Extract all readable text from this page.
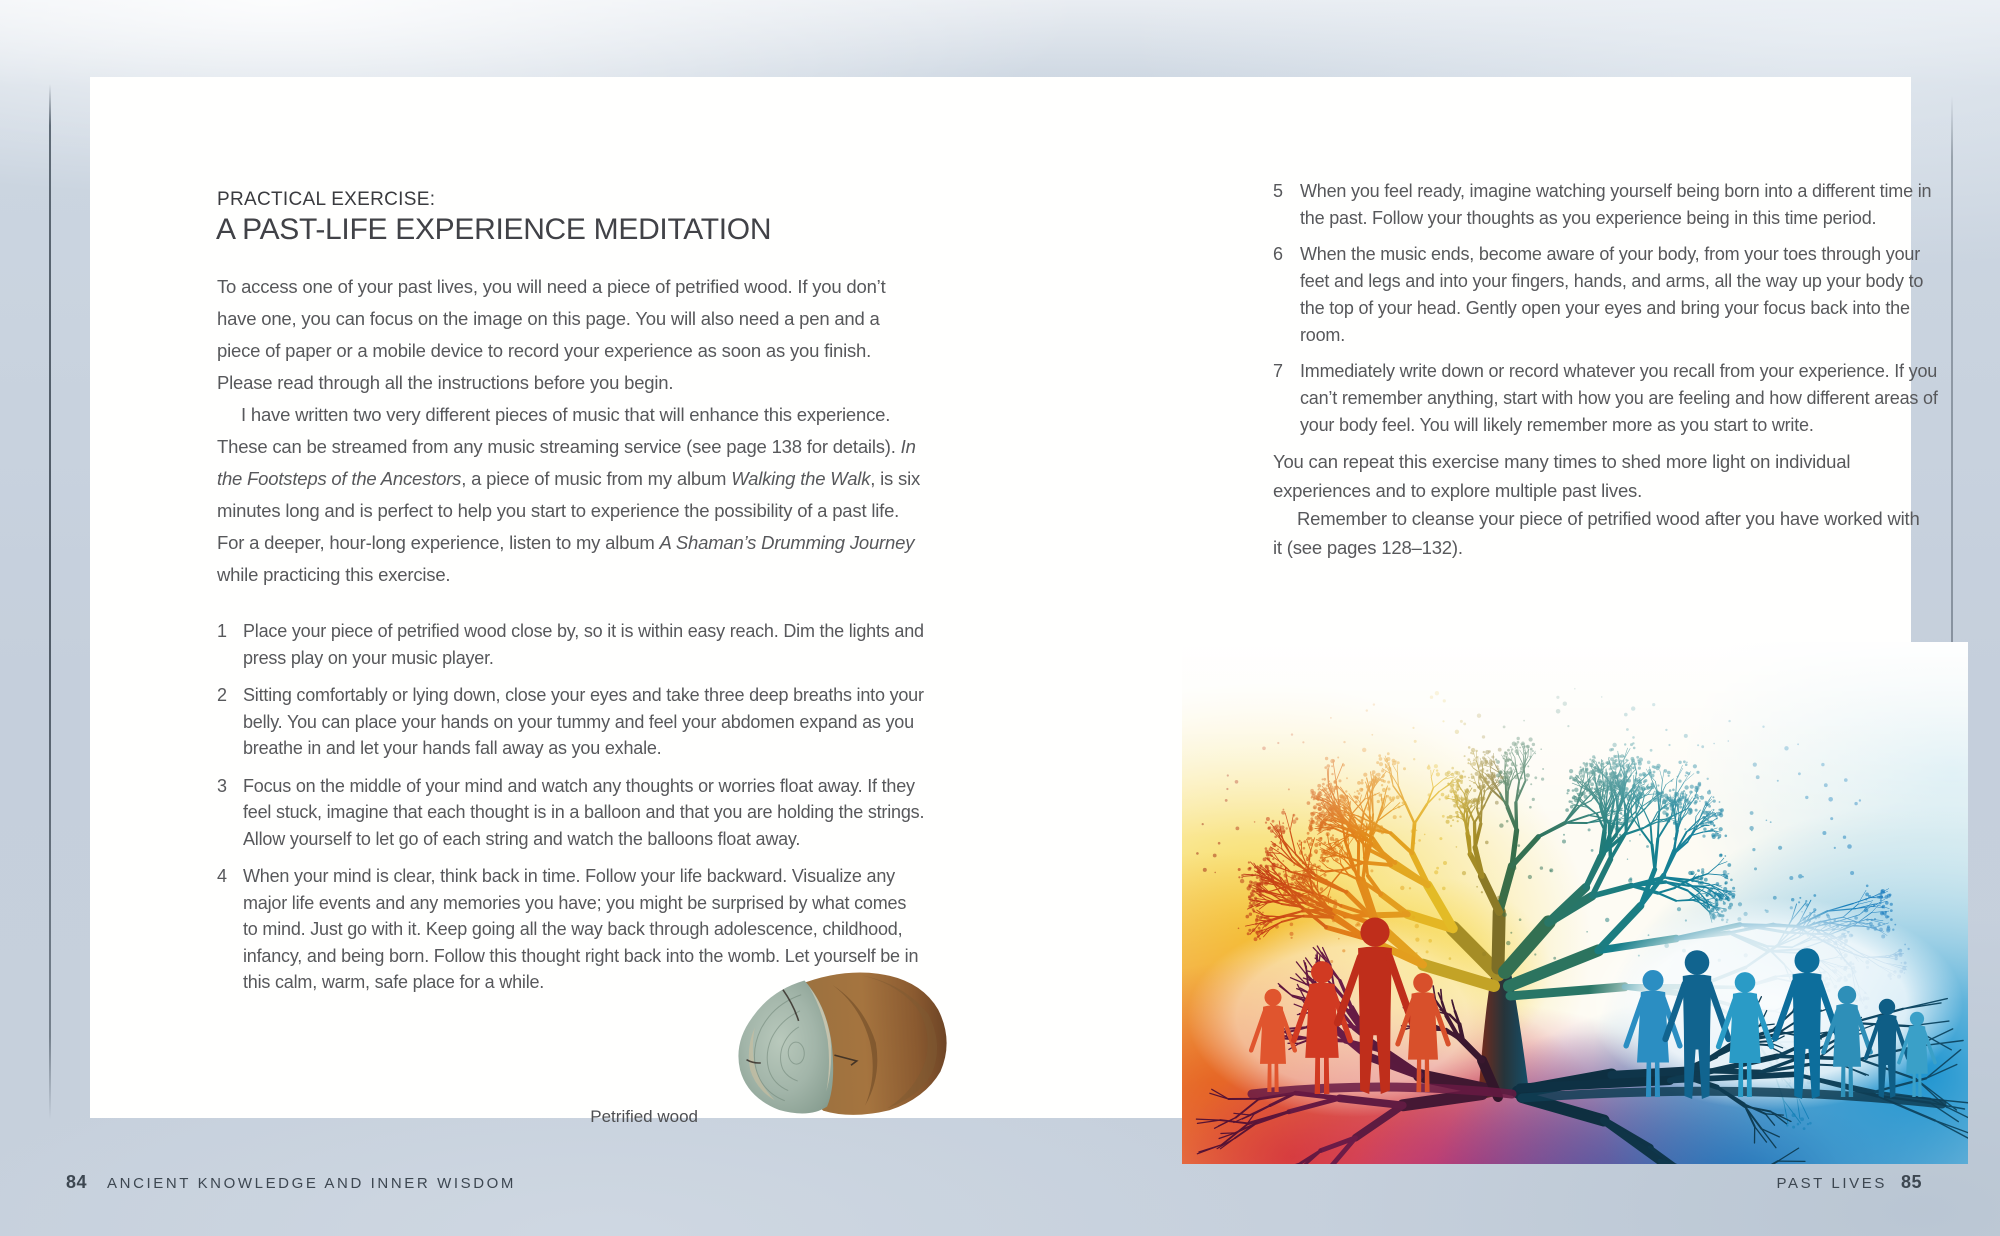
PRACTICAL EXERCISE:
A PAST-LIFE EXPERIENCE MEDITATION

To access one of your past lives, you will need a piece of petrified wood. If you don’t have one, you can focus on the image on this page. You will also need a pen and a piece of paper or a mobile device to record your experience as soon as you finish. Please read through all the instructions before you begin.

I have written two very different pieces of music that will enhance this experience. These can be streamed from any music streaming service (see page 138 for details). In the Footsteps of the Ancestors, a piece of music from my album Walking the Walk, is six minutes long and is perfect to help you start to experience the possibility of a past life. For a deeper, hour-long experience, listen to my album A Shaman’s Drumming Journey while practicing this exercise.

1 Place your piece of petrified wood close by, so it is within easy reach. Dim the lights and press play on your music player.
2 Sitting comfortably or lying down, close your eyes and take three deep breaths into your belly. You can place your hands on your tummy and feel your abdomen expand as you breathe in and let your hands fall away as you exhale.
3 Focus on the middle of your mind and watch any thoughts or worries float away. If they feel stuck, imagine that each thought is in a balloon and that you are holding the strings. Allow yourself to let go of each string and watch the balloons float away.
4 When your mind is clear, think back in time. Follow your life backward. Visualize any major life events and any memories you have; you might be surprised by what comes to mind. Just go with it. Keep going all the way back through adolescence, childhood, infancy, and being born. Follow this thought right back into the womb. Let yourself be in this calm, warm, safe place for a while.
Petrified wood
5 When you feel ready, imagine watching yourself being born into a different time in the past. Follow your thoughts as you experience being in this time period.
6 When the music ends, become aware of your body, from your toes through your feet and legs and into your fingers, hands, and arms, all the way up your body to the top of your head. Gently open your eyes and bring your focus back into the room.
7 Immediately write down or record whatever you recall from your experience. If you can’t remember anything, start with how you are feeling and how different areas of your body feel. You will likely remember more as you start to write.

You can repeat this exercise many times to shed more light on individual experiences and to explore multiple past lives.

Remember to cleanse your piece of petrified wood after you have worked with it (see pages 128–132).

84 ANCIENT KNOWLEDGE AND INNER WISDOM	PAST LIVES 85
